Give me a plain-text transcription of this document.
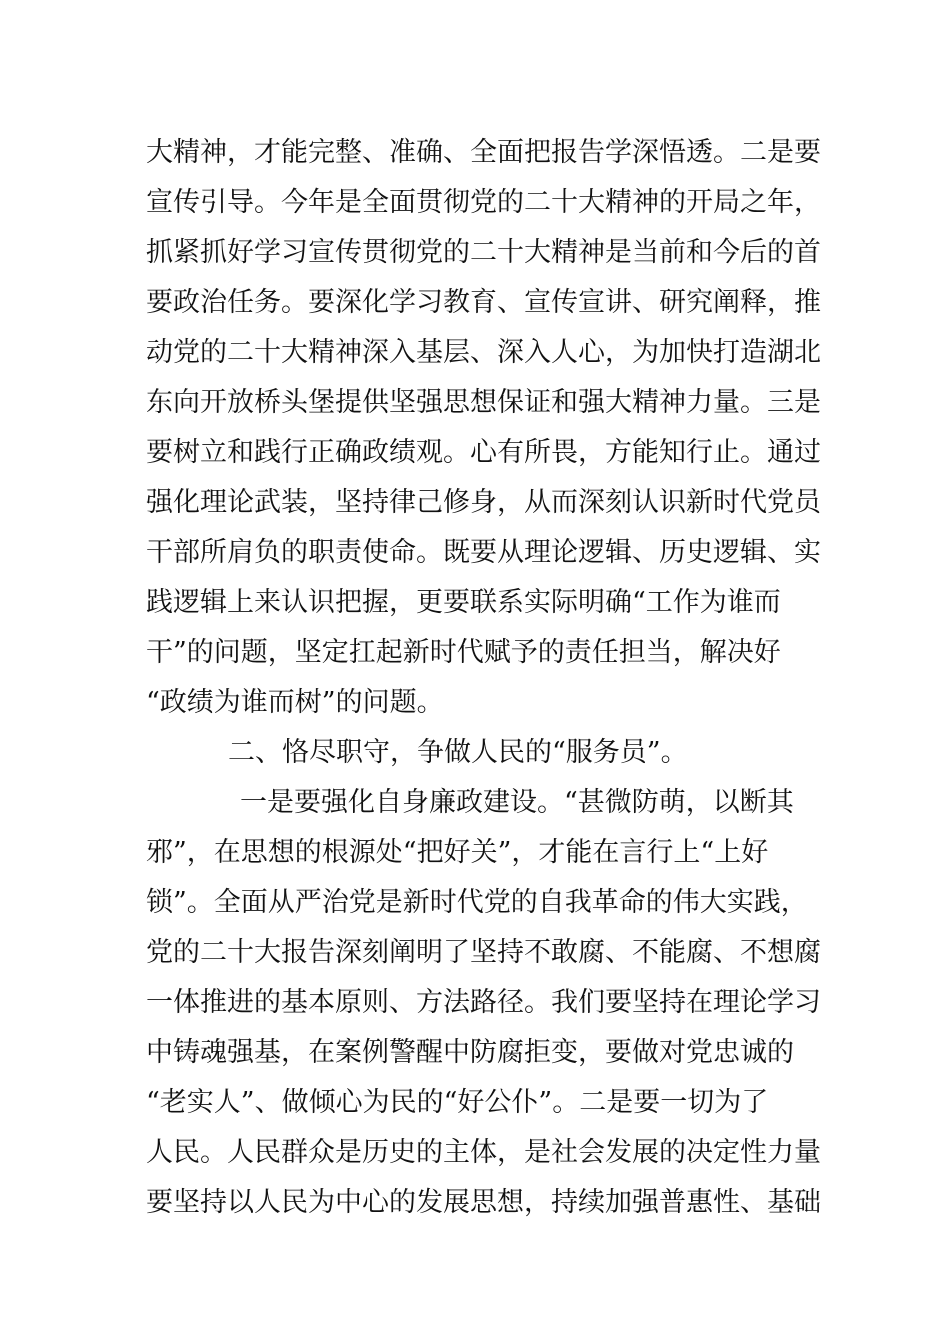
大精神，才能完整、准确、全面把报告学深悟透。二是要
宣传引导。今年是全面贯彻党的二十大精神的开局之年，
抓紧抓好学习宣传贯彻党的二十大精神是当前和今后的首
要政治任务。要深化学习教育、宣传宣讲、研究阐释，推
动党的二十大精神深入基层、深入人心，为加快打造湖北
东向开放桥头堡提供坚强思想保证和强大精神力量。三是
要树立和践行正确政绩观。心有所畏，方能知行止。通过
强化理论武装，坚持律己修身，从而深刻认识新时代党员
干部所肩负的职责使命。既要从理论逻辑、历史逻辑、实
践逻辑上来认识把握，更要联系实际明确“工作为谁而
干”的问题，坚定扛起新时代赋予的责任担当，解决好
“政绩为谁而树”的问题。
二、恪尽职守，争做人民的“服务员”。
一是要强化自身廉政建设。“甚微防萌，以断其
邪”，在思想的根源处“把好关”，才能在言行上“上好
锁”。全面从严治党是新时代党的自我革命的伟大实践，
党的二十大报告深刻阐明了坚持不敢腐、不能腐、不想腐
一体推进的基本原则、方法路径。我们要坚持在理论学习
中铸魂强基，在案例警醒中防腐拒变，要做对党忠诚的
“老实人”、做倾心为民的“好公仆”。二是要一切为了
人民。人民群众是历史的主体，是社会发展的决定性力量
要坚持以人民为中心的发展思想，持续加强普惠性、基础
